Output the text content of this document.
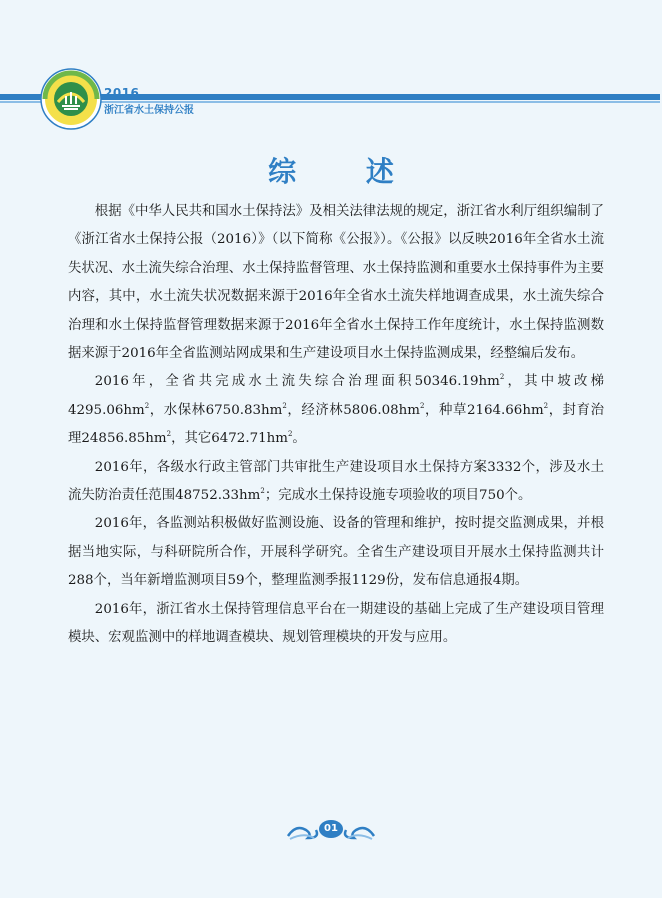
2016
浙江省水土保持公报
综 述

根据《中华人民共和国水土保持法》及相关法律法规的规定，浙江省水利厅组织编制了《浙江省水土保持公报（2016）》（以下简称《公报》）。《公报》以反映2016年全省水土流失状况、水土流失综合治理、水土保持监督管理、水土保持监测和重要水土保持事件为主要内容，其中，水土流失状况数据来源于2016年全省水土流失样地调查成果，水土流失综合治理和水土保持监督管理数据来源于2016年全省水土保持工作年度统计，水土保持监测数据来源于2016年全省监测站网成果和生产建设项目水土保持监测成果，经整编后发布。

2016年，全省共完成水土流失综合治理面积$50346.19hm^2$，其中坡改梯$4295.06hm^2$，水保林$6750.83hm^2$，经济林$5806.08hm^2$，种草$2164.66hm^2$，封育治理$24856.85hm^2$，其它$6472.71hm^2$。

2016年，各级水行政主管部门共审批生产建设项目水土保持方案3332个，涉及水土流失防治责任范围$48752.33hm^2$；完成水土保持设施专项验收的项目750个。

2016年，各监测站积极做好监测设施、设备的管理和维护，按时提交监测成果，并根据当地实际，与科研院所合作，开展科学研究。全省生产建设项目开展水土保持监测共计288个，当年新增监测项目59个，整理监测季报1129份，发布信息通报4期。

2016年，浙江省水土保持管理信息平台在一期建设的基础上完成了生产建设项目管理模块、宏观监测中的样地调查模块、规划管理模块的开发与应用。

01
